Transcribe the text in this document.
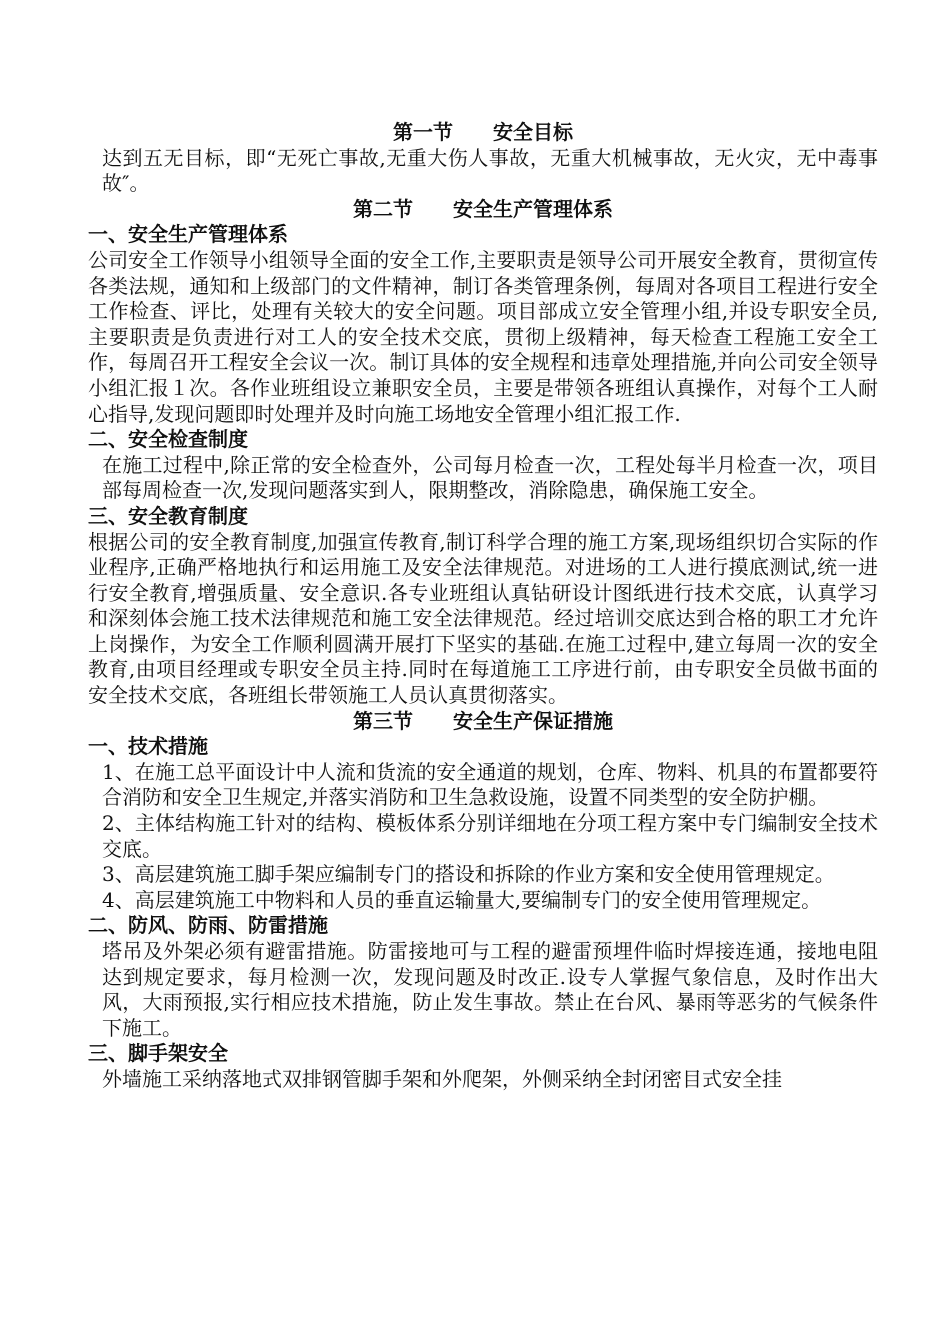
第一节　　安全目标
达到五无目标，即“无死亡事故,无重大伤人事故，无重大机械事故，无火灾，无中毒事故″。
第二节　　安全生产管理体系
一、安全生产管理体系
公司安全工作领导小组领导全面的安全工作,主要职责是领导公司开展安全教育，贯彻宣传各类法规，通知和上级部门的文件精神，制订各类管理条例，每周对各项目工程进行安全工作检查、评比，处理有关较大的安全问题。项目部成立安全管理小组,并设专职安全员,主要职责是负责进行对工人的安全技术交底，贯彻上级精神，每天检查工程施工安全工作，每周召开工程安全会议一次。制订具体的安全规程和违章处理措施,并向公司安全领导小组汇报１次。各作业班组设立兼职安全员，主要是带领各班组认真操作，对每个工人耐心指导,发现问题即时处理并及时向施工场地安全管理小组汇报工作.
二、安全检查制度
在施工过程中,除正常的安全检查外，公司每月检查一次，工程处每半月检查一次，项目部每周检查一次,发现问题落实到人，限期整改，消除隐患，确保施工安全。
三、安全教育制度
根据公司的安全教育制度,加强宣传教育,制订科学合理的施工方案,现场组织切合实际的作业程序,正确严格地执行和运用施工及安全法律规范。对进场的工人进行摸底测试,统一进行安全教育,增强质量、安全意识.各专业班组认真钻研设计图纸进行技术交底，认真学习和深刻体会施工技术法律规范和施工安全法律规范。经过培训交底达到合格的职工才允许上岗操作，为安全工作顺利圆满开展打下坚实的基础.在施工过程中,建立每周一次的安全教育,由项目经理或专职安全员主持.同时在每道施工工序进行前，由专职安全员做书面的安全技术交底，各班组长带领施工人员认真贯彻落实。
第三节　　安全生产保证措施
一、技术措施
1、在施工总平面设计中人流和货流的安全通道的规划，仓库、物料、机具的布置都要符合消防和安全卫生规定,并落实消防和卫生急救设施，设置不同类型的安全防护棚。
2、主体结构施工针对的结构、模板体系分别详细地在分项工程方案中专门编制安全技术交底。
3、高层建筑施工脚手架应编制专门的搭设和拆除的作业方案和安全使用管理规定。
4、高层建筑施工中物料和人员的垂直运输量大,要编制专门的安全使用管理规定。
二、防风、防雨、防雷措施
塔吊及外架必须有避雷措施。防雷接地可与工程的避雷预埋件临时焊接连通，接地电阻达到规定要求，每月检测一次，发现问题及时改正.设专人掌握气象信息，及时作出大风，大雨预报,实行相应技术措施，防止发生事故。禁止在台风、暴雨等恶劣的气候条件下施工。
三、脚手架安全
外墙施工采纳落地式双排钢管脚手架和外爬架，外侧采纳全封闭密目式安全挂
